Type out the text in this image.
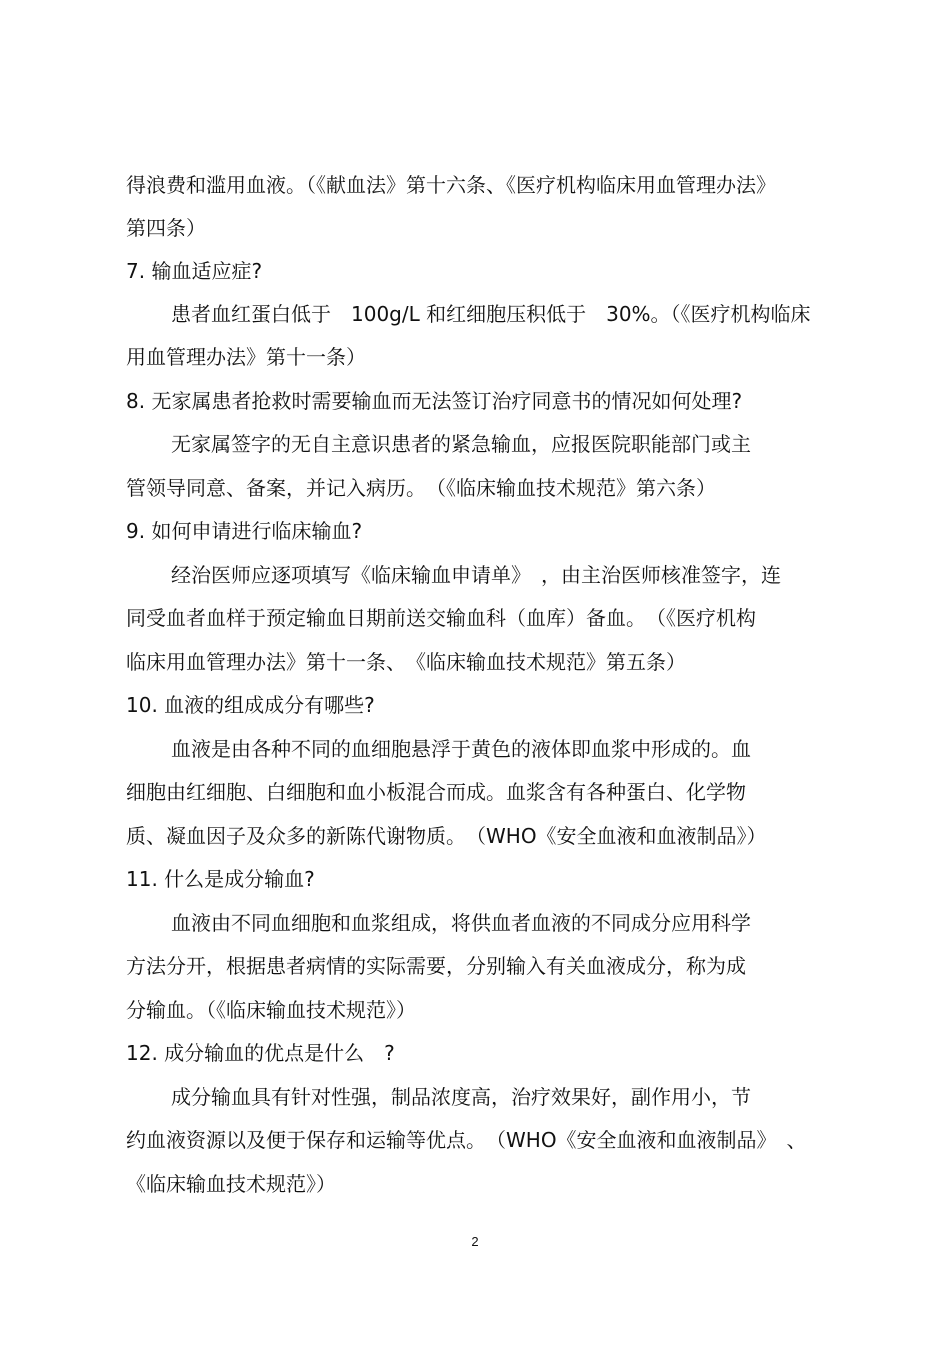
得浪费和滥用血液。（《献血法》第十六条、《医疗机构临床用血管理办法》
第四条）
7. 输血适应症?
患者血红蛋白低于　100g/L 和红细胞压积低于　30%。（《医疗机构临床
用血管理办法》第十一条）
8. 无家属患者抢救时需要输血而无法签订治疗同意书的情况如何处理?
无家属签字的无自主意识患者的紧急输血，应报医院职能部门或主
管领导同意、备案，并记入病历。　（《临床输血技术规范》第六条）
9. 如何申请进行临床输血?
经治医师应逐项填写《临床输血申请单》　，由主治医师核准签字，连
同受血者血样于预定输血日期前送交输血科（血库）备血。　（《医疗机构
临床用血管理办法》第十一条、　《临床输血技术规范》第五条）
10. 血液的组成成分有哪些?
血液是由各种不同的血细胞悬浮于黄色的液体即血浆中形成的。血
细胞由红细胞、白细胞和血小板混合而成。血浆含有各种蛋白、化学物
质、凝血因子及众多的新陈代谢物质。　（WHO《安全血液和血液制品》）
11. 什么是成分输血?
血液由不同血细胞和血浆组成，将供血者血液的不同成分应用科学
方法分开，根据患者病情的实际需要，分别输入有关血液成分，称为成
分输血。（《临床输血技术规范》）
12. 成分输血的优点是什么　?
成分输血具有针对性强，制品浓度高，治疗效果好，副作用小，节
约血液资源以及便于保存和运输等优点。　（WHO《安全血液和血液制品》　、
《临床输血技术规范》）
2
